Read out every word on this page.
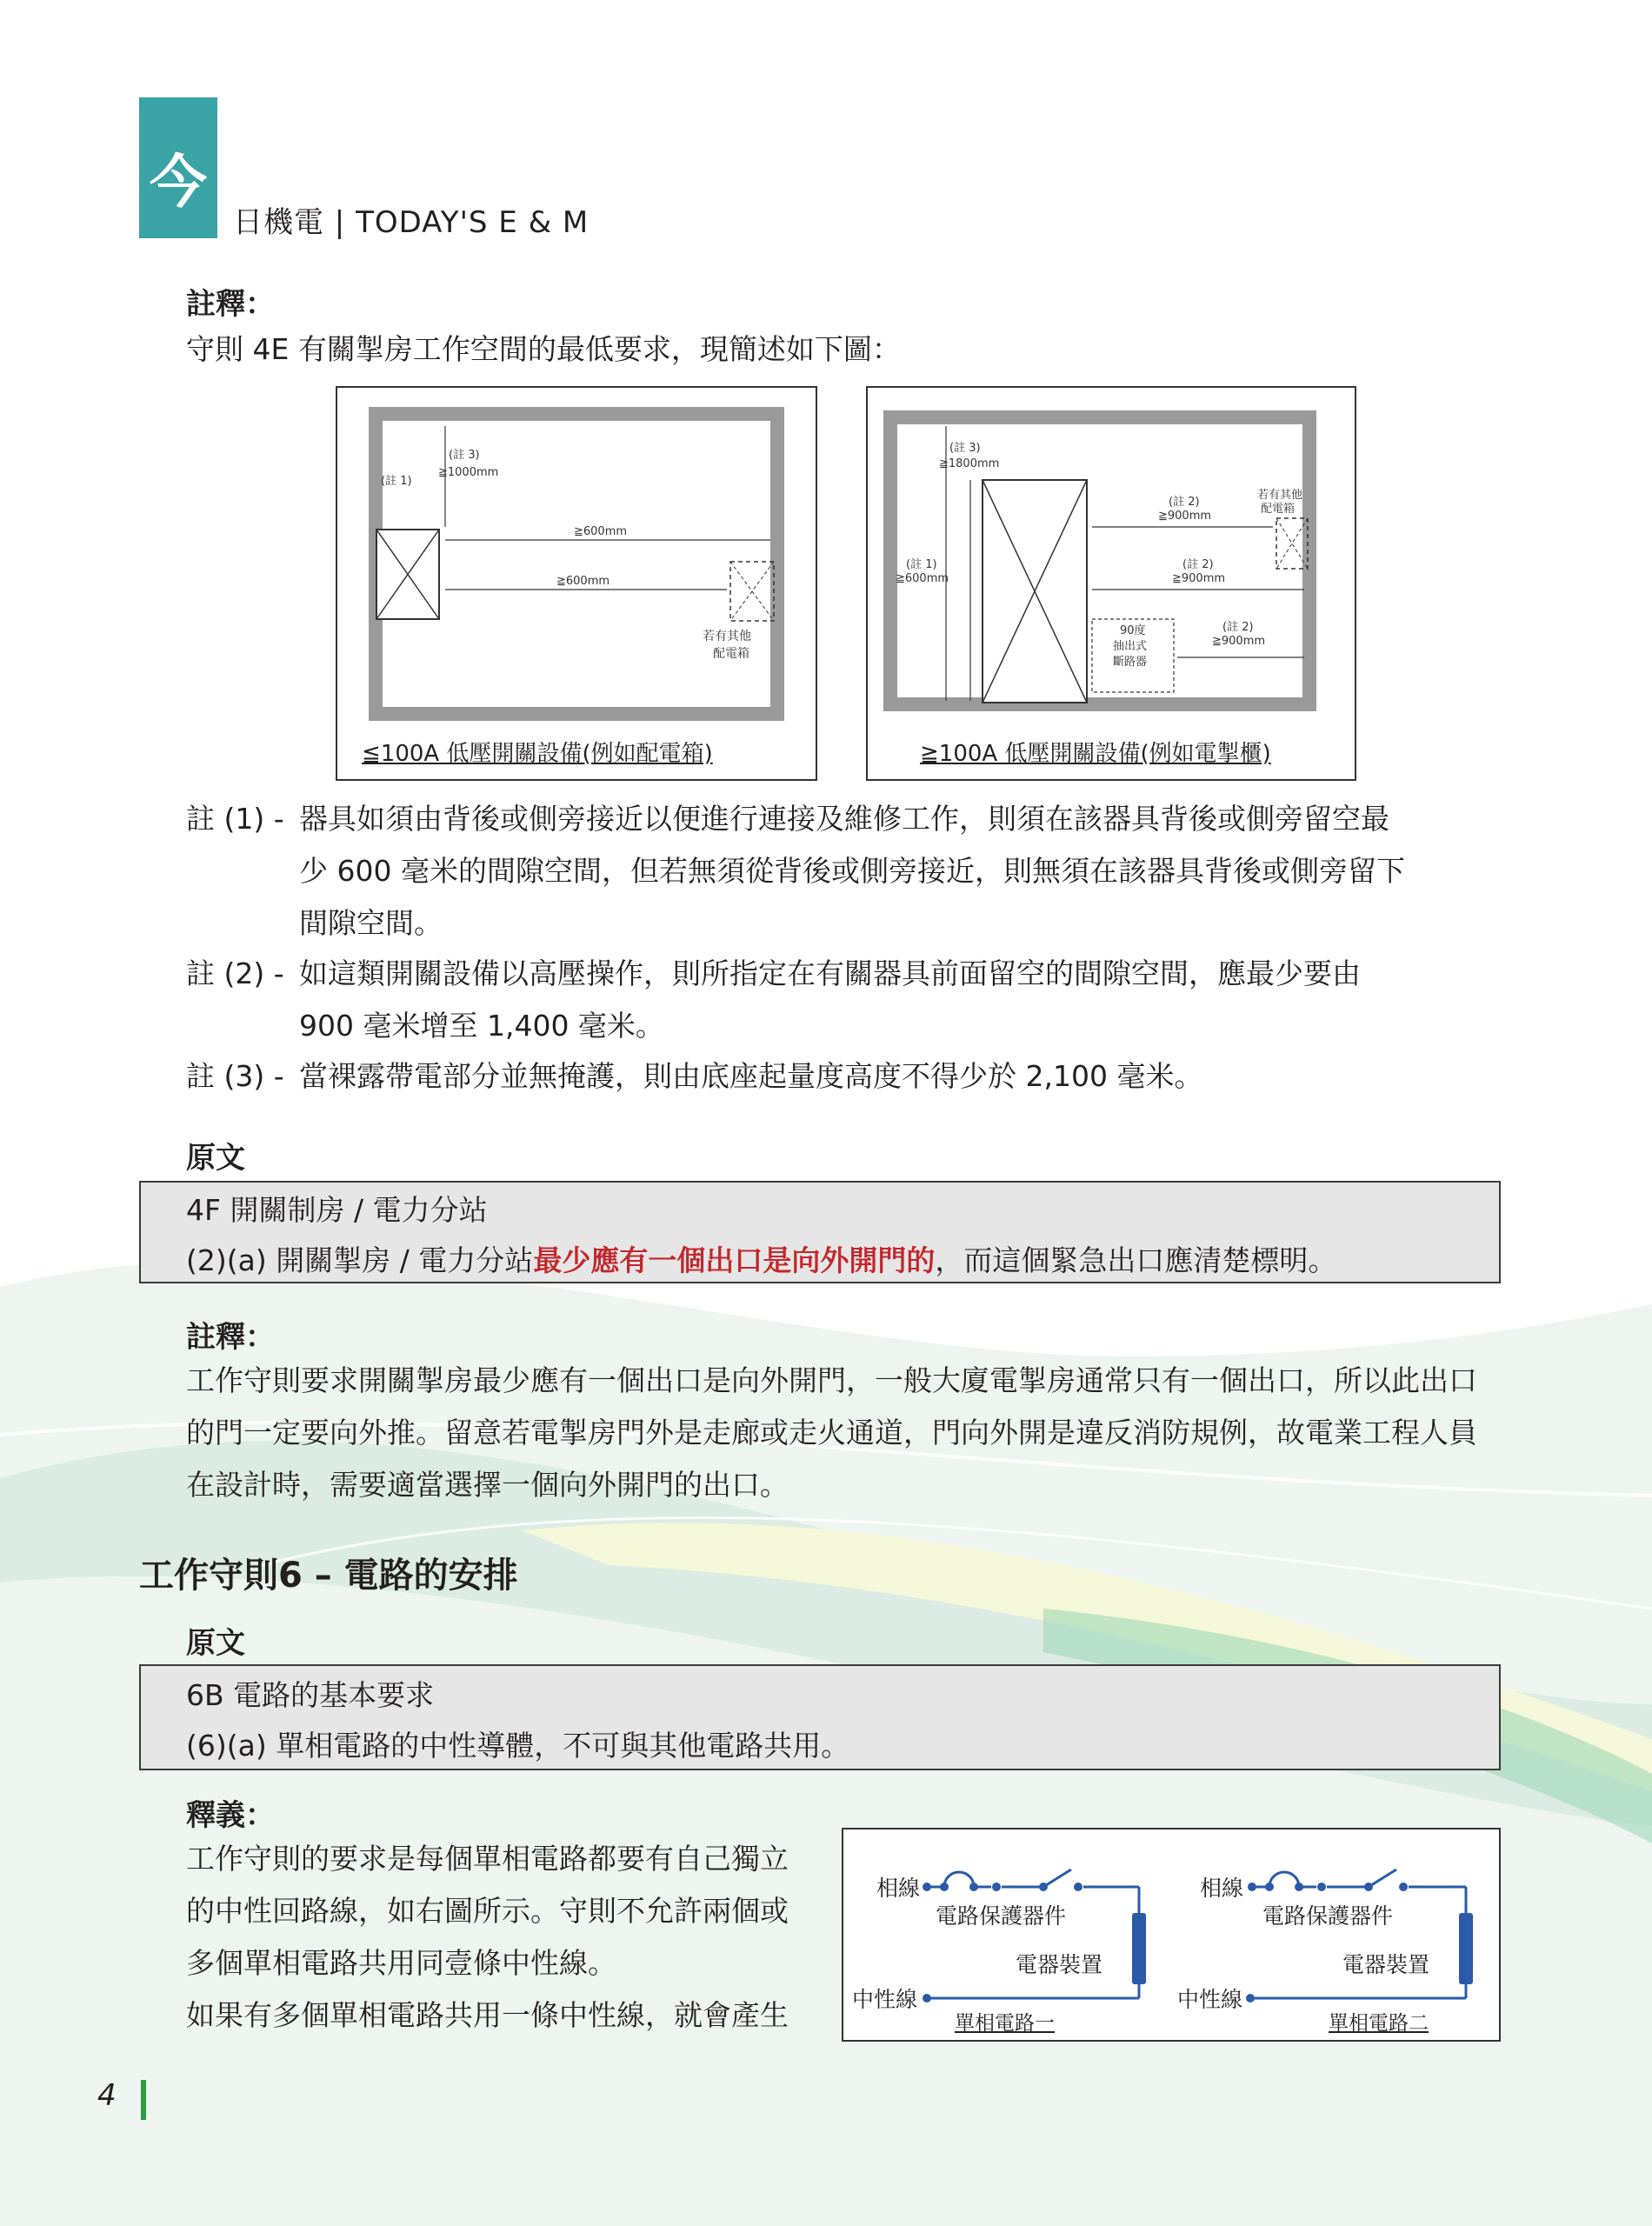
今
日機電 | TODAY'S E & M
註釋：
守則 4E 有關掣房工作空間的最低要求，現簡述如下圖：
(註 1)
(註 3)
≧1000mm
≧600mm
≧600mm
若有其他
配電箱
≦100A 低壓開關設備(例如配電箱)
(註 3)
≧1800mm
(註 1)
≧600mm
(註 2)
≧900mm
(註 2)
≧900mm
(註 2)
≧900mm
若有其他
配電箱
90度
抽出式
斷路器
≧100A 低壓開關設備(例如電掣櫃)
註 (1) - 器具如須由背後或側旁接近以便進行連接及維修工作，則須在該器具背後或側旁留空最
少 600 毫米的間隙空間，但若無須從背後或側旁接近，則無須在該器具背後或側旁留下
間隙空間。
註 (2) - 如這類開關設備以高壓操作，則所指定在有關器具前面留空的間隙空間，應最少要由
900 毫米增至 1,400 毫米。
註 (3) - 當裸露帶電部分並無掩護，則由底座起量度高度不得少於 2,100 毫米。
原文
4F 開關制房 / 電力分站
(2)(a) 開關掣房 / 電力分站最少應有一個出口是向外開門的，而這個緊急出口應清楚標明。
註釋：
工作守則要求開關掣房最少應有一個出口是向外開門，一般大廈電掣房通常只有一個出口，所以此出口
的門一定要向外推。留意若電掣房門外是走廊或走火通道，門向外開是違反消防規例，故電業工程人員
在設計時，需要適當選擇一個向外開門的出口。
工作守則6 – 電路的安排
原文
6B 電路的基本要求
(6)(a) 單相電路的中性導體，不可與其他電路共用。
釋義：
工作守則的要求是每個單相電路都要有自己獨立
的中性回路線，如右圖所示。守則不允許兩個或
多個單相電路共用同壹條中性線。
如果有多個單相電路共用一條中性線，就會產生
相線
電路保護器件
電器裝置
中性線
單相電路一
相線
電路保護器件
電器裝置
中性線
單相電路二
4
